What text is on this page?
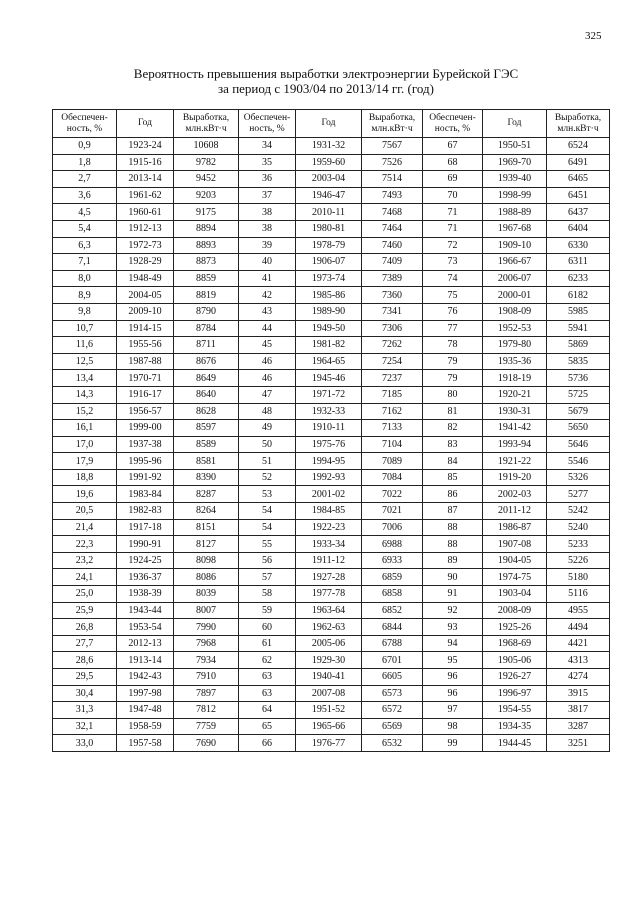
325
Вероятность превышения выработки электроэнергии Бурейской ГЭС
за период с 1903/04 по 2013/14 гг. (год)
Обеспечен-ность, %	Год	Выработка, млн.кВт·ч	Обеспечен-ность, %	Год	Выработка, млн.кВт·ч	Обеспечен-ность, %	Год	Выработка, млн.кВт·ч
0,9	1923-24	10608	34	1931-32	7567	67	1950-51	6524
1,8	1915-16	9782	35	1959-60	7526	68	1969-70	6491
2,7	2013-14	9452	36	2003-04	7514	69	1939-40	6465
3,6	1961-62	9203	37	1946-47	7493	70	1998-99	6451
4,5	1960-61	9175	38	2010-11	7468	71	1988-89	6437
5,4	1912-13	8894	38	1980-81	7464	71	1967-68	6404
6,3	1972-73	8893	39	1978-79	7460	72	1909-10	6330
7,1	1928-29	8873	40	1906-07	7409	73	1966-67	6311
8,0	1948-49	8859	41	1973-74	7389	74	2006-07	6233
8,9	2004-05	8819	42	1985-86	7360	75	2000-01	6182
9,8	2009-10	8790	43	1989-90	7341	76	1908-09	5985
10,7	1914-15	8784	44	1949-50	7306	77	1952-53	5941
11,6	1955-56	8711	45	1981-82	7262	78	1979-80	5869
12,5	1987-88	8676	46	1964-65	7254	79	1935-36	5835
13,4	1970-71	8649	46	1945-46	7237	79	1918-19	5736
14,3	1916-17	8640	47	1971-72	7185	80	1920-21	5725
15,2	1956-57	8628	48	1932-33	7162	81	1930-31	5679
16,1	1999-00	8597	49	1910-11	7133	82	1941-42	5650
17,0	1937-38	8589	50	1975-76	7104	83	1993-94	5646
17,9	1995-96	8581	51	1994-95	7089	84	1921-22	5546
18,8	1991-92	8390	52	1992-93	7084	85	1919-20	5326
19,6	1983-84	8287	53	2001-02	7022	86	2002-03	5277
20,5	1982-83	8264	54	1984-85	7021	87	2011-12	5242
21,4	1917-18	8151	54	1922-23	7006	88	1986-87	5240
22,3	1990-91	8127	55	1933-34	6988	88	1907-08	5233
23,2	1924-25	8098	56	1911-12	6933	89	1904-05	5226
24,1	1936-37	8086	57	1927-28	6859	90	1974-75	5180
25,0	1938-39	8039	58	1977-78	6858	91	1903-04	5116
25,9	1943-44	8007	59	1963-64	6852	92	2008-09	4955
26,8	1953-54	7990	60	1962-63	6844	93	1925-26	4494
27,7	2012-13	7968	61	2005-06	6788	94	1968-69	4421
28,6	1913-14	7934	62	1929-30	6701	95	1905-06	4313
29,5	1942-43	7910	63	1940-41	6605	96	1926-27	4274
30,4	1997-98	7897	63	2007-08	6573	96	1996-97	3915
31,3	1947-48	7812	64	1951-52	6572	97	1954-55	3817
32,1	1958-59	7759	65	1965-66	6569	98	1934-35	3287
33,0	1957-58	7690	66	1976-77	6532	99	1944-45	3251
